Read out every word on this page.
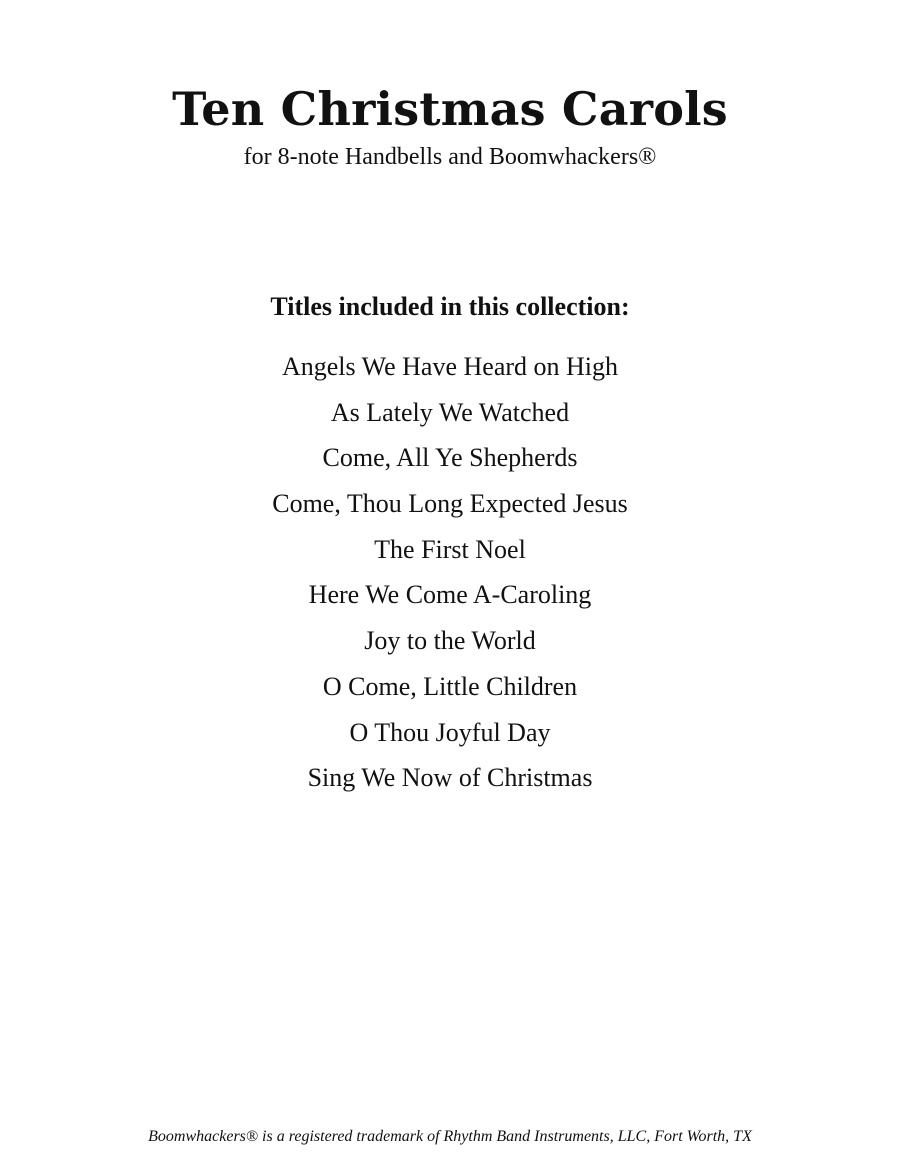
Ten Christmas Carols

for 8-note Handbells and Boomwhackers®

Titles included in this collection:
Angels We Have Heard on High
As Lately We Watched
Come, All Ye Shepherds
Come, Thou Long Expected Jesus
The First Noel
Here We Come A-Caroling
Joy to the World
O Come, Little Children
O Thou Joyful Day
Sing We Now of Christmas

Boomwhackers® is a registered trademark of Rhythm Band Instruments, LLC, Fort Worth, TX
